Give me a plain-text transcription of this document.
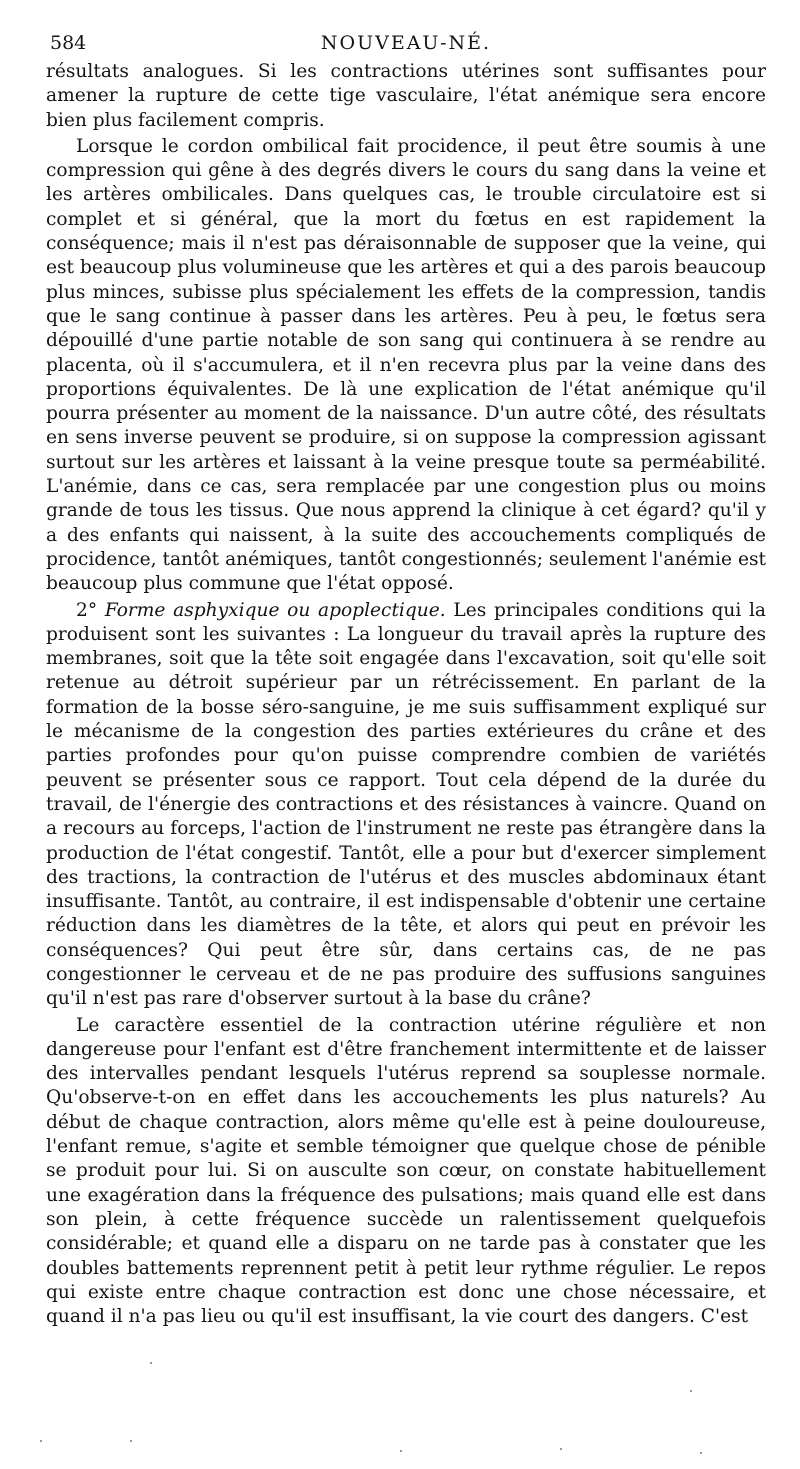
584	NOUVEAU-NÉ.

résultats analogues. Si les contractions utérines sont suffisantes pour amener la rupture de cette tige vasculaire, l'état anémique sera encore bien plus facilement compris.

Lorsque le cordon ombilical fait procidence, il peut être soumis à une compression qui gêne à des degrés divers le cours du sang dans la veine et les artères ombilicales. Dans quelques cas, le trouble circulatoire est si complet et si général, que la mort du fœtus en est rapidement la conséquence; mais il n'est pas déraisonnable de supposer que la veine, qui est beaucoup plus volumineuse que les artères et qui a des parois beaucoup plus minces, subisse plus spécialement les effets de la compression, tandis que le sang continue à passer dans les artères. Peu à peu, le fœtus sera dépouillé d'une partie notable de son sang qui continuera à se rendre au placenta, où il s'accumulera, et il n'en recevra plus par la veine dans des proportions équivalentes. De là une explication de l'état anémique qu'il pourra présenter au moment de la naissance. D'un autre côté, des résultats en sens inverse peuvent se produire, si on suppose la compression agissant surtout sur les artères et laissant à la veine presque toute sa perméabilité. L'anémie, dans ce cas, sera remplacée par une congestion plus ou moins grande de tous les tissus. Que nous apprend la clinique à cet égard? qu'il y a des enfants qui naissent, à la suite des accouchements compliqués de procidence, tantôt anémiques, tantôt congestionnés; seulement l'anémie est beaucoup plus commune que l'état opposé.

2° Forme asphyxique ou apoplectique. Les principales conditions qui la produisent sont les suivantes : La longueur du travail après la rupture des membranes, soit que la tête soit engagée dans l'excavation, soit qu'elle soit retenue au détroit supérieur par un rétrécissement. En parlant de la formation de la bosse séro-sanguine, je me suis suffisamment expliqué sur le mécanisme de la congestion des parties extérieures du crâne et des parties profondes pour qu'on puisse comprendre combien de variétés peuvent se présenter sous ce rapport. Tout cela dépend de la durée du travail, de l'énergie des contractions et des résistances à vaincre. Quand on a recours au forceps, l'action de l'instrument ne reste pas étrangère dans la production de l'état congestif. Tantôt, elle a pour but d'exercer simplement des tractions, la contraction de l'utérus et des muscles abdominaux étant insuffisante. Tantôt, au contraire, il est indispensable d'obtenir une certaine réduction dans les diamètres de la tête, et alors qui peut en prévoir les conséquences? Qui peut être sûr, dans certains cas, de ne pas congestionner le cerveau et de ne pas produire des suffusions sanguines qu'il n'est pas rare d'observer surtout à la base du crâne?

Le caractère essentiel de la contraction utérine régulière et non dangereuse pour l'enfant est d'être franchement intermittente et de laisser des intervalles pendant lesquels l'utérus reprend sa souplesse normale. Qu'observe-t-on en effet dans les accouchements les plus naturels? Au début de chaque contraction, alors même qu'elle est à peine douloureuse, l'enfant remue, s'agite et semble témoigner que quelque chose de pénible se produit pour lui. Si on ausculte son cœur, on constate habituellement une exagération dans la fréquence des pulsations; mais quand elle est dans son plein, à cette fréquence succède un ralentissement quelquefois considérable; et quand elle a disparu on ne tarde pas à constater que les doubles battements reprennent petit à petit leur rythme régulier. Le repos qui existe entre chaque contraction est donc une chose nécessaire, et quand il n'a pas lieu ou qu'il est insuffisant, la vie court des dangers. C'est
